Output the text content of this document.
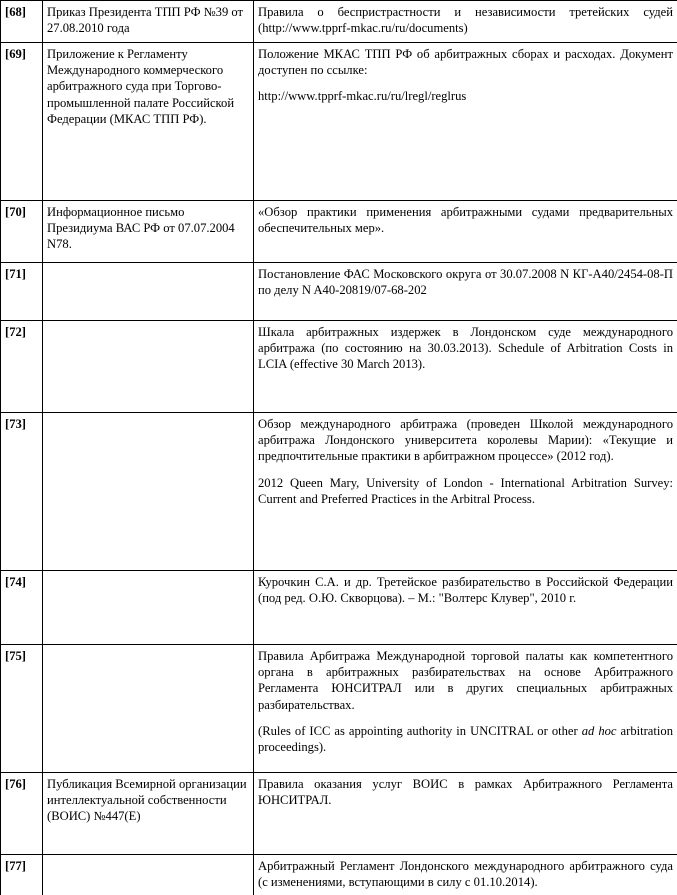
[68]	Приказ Президента ТПП РФ №39 от 27.08.2010 года	Правила о беспристрастности и независимости третейских судей (http://www.tpprf-mkac.ru/ru/documents)

[69]	Приложение к Регламенту Международного коммерческого арбитражного суда при Торгово-промышленной палате Российской Федерации (МКАС ТПП РФ).	Положение МКАС ТПП РФ об арбитражных сборах и расходах. Документ доступен по ссылке:

http://www.tpprf-mkac.ru/ru/lregl/reglrus

[70]	Информационное письмо Президиума ВАС РФ от 07.07.2004 N78.	«Обзор практики применения арбитражными судами предварительных обеспечительных мер».

[71]		Постановление ФАС Московского округа от 30.07.2008 N КГ-А40/2454-08-П по делу N A40-20819/07-68-202

[72]		Шкала арбитражных издержек в Лондонском суде международного арбитража (по состоянию на 30.03.2013). Schedule of Arbitration Costs in LCIA (effective 30 March 2013).

[73]		Обзор международного арбитража (проведен Школой международного арбитража Лондонского университета королевы Марии): «Текущие и предпочтительные практики в арбитражном процессе» (2012 год).

2012 Queen Mary, University of London - International Arbitration Survey: Current and Preferred Practices in the Arbitral Process.

[74]		Курочкин С.А. и др. Третейское разбирательство в Российской Федерации (под ред. О.Ю. Скворцова). – М.: "Волтерс Клувер", 2010 г.

[75]		Правила Арбитража Международной торговой палаты как компетентного органа в арбитражных разбирательствах на основе Арбитражного Регламента ЮНСИТРАЛ или в других специальных арбитражных разбирательствах.

(Rules of ICC as appointing authority in UNCITRAL or other ad hoc arbitration proceedings).

[76]	Публикация Всемирной организации интеллектуальной собственности (ВОИС) №447(Е)	Правила оказания услуг ВОИС в рамках Арбитражного Регламента ЮНСИТРАЛ.

[77]		Арбитражный Регламент Лондонского международного арбитражного суда (с изменениями, вступающими в силу с 01.10.2014).
